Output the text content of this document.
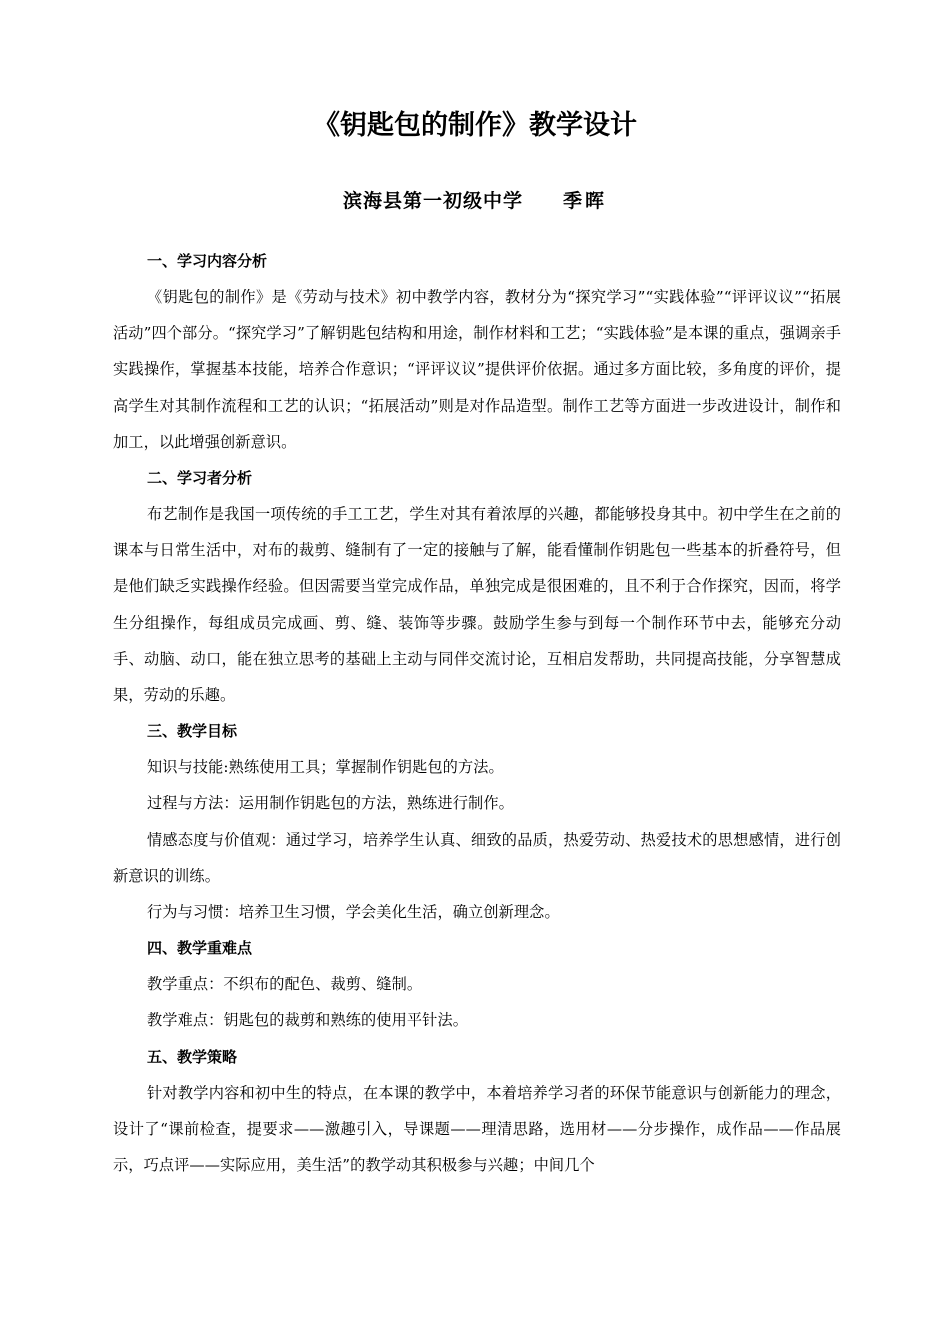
《钥匙包的制作》教学设计

滨海县第一初级中学 季晖

一、学习内容分析

《钥匙包的制作》是《劳动与技术》初中教学内容，教材分为“探究学习”“实践体验”“评评议议”“拓展活动”四个部分。“探究学习”了解钥匙包结构和用途，制作材料和工艺；“实践体验”是本课的重点，强调亲手实践操作，掌握基本技能，培养合作意识；“评评议议”提供评价依据。通过多方面比较，多角度的评价，提高学生对其制作流程和工艺的认识；“拓展活动”则是对作品造型。制作工艺等方面进一步改进设计，制作和加工，以此增强创新意识。

二、学习者分析

布艺制作是我国一项传统的手工工艺，学生对其有着浓厚的兴趣，都能够投身其中。初中学生在之前的课本与日常生活中，对布的裁剪、缝制有了一定的接触与了解，能看懂制作钥匙包一些基本的折叠符号，但是他们缺乏实践操作经验。但因需要当堂完成作品，单独完成是很困难的，且不利于合作探究，因而，将学生分组操作，每组成员完成画、剪、缝、装饰等步骤。鼓励学生参与到每一个制作环节中去，能够充分动手、动脑、动口，能在独立思考的基础上主动与同伴交流讨论，互相启发帮助，共同提高技能，分享智慧成果，劳动的乐趣。

三、教学目标

知识与技能:熟练使用工具；掌握制作钥匙包的方法。

过程与方法：运用制作钥匙包的方法，熟练进行制作。

情感态度与价值观：通过学习，培养学生认真、细致的品质，热爱劳动、热爱技术的思想感情，进行创新意识的训练。

行为与习惯：培养卫生习惯，学会美化生活，确立创新理念。

四、教学重难点

教学重点：不织布的配色、裁剪、缝制。

教学难点：钥匙包的裁剪和熟练的使用平针法。

五、教学策略

针对教学内容和初中生的特点，在本课的教学中，本着培养学习者的环保节能意识与创新能力的理念，设计了“课前检查，提要求——激趣引入，导课题——理清思路，选用材——分步操作，成作品——作品展示，巧点评——实际应用，美生活”的教学动其积极参与兴趣；中间几个
